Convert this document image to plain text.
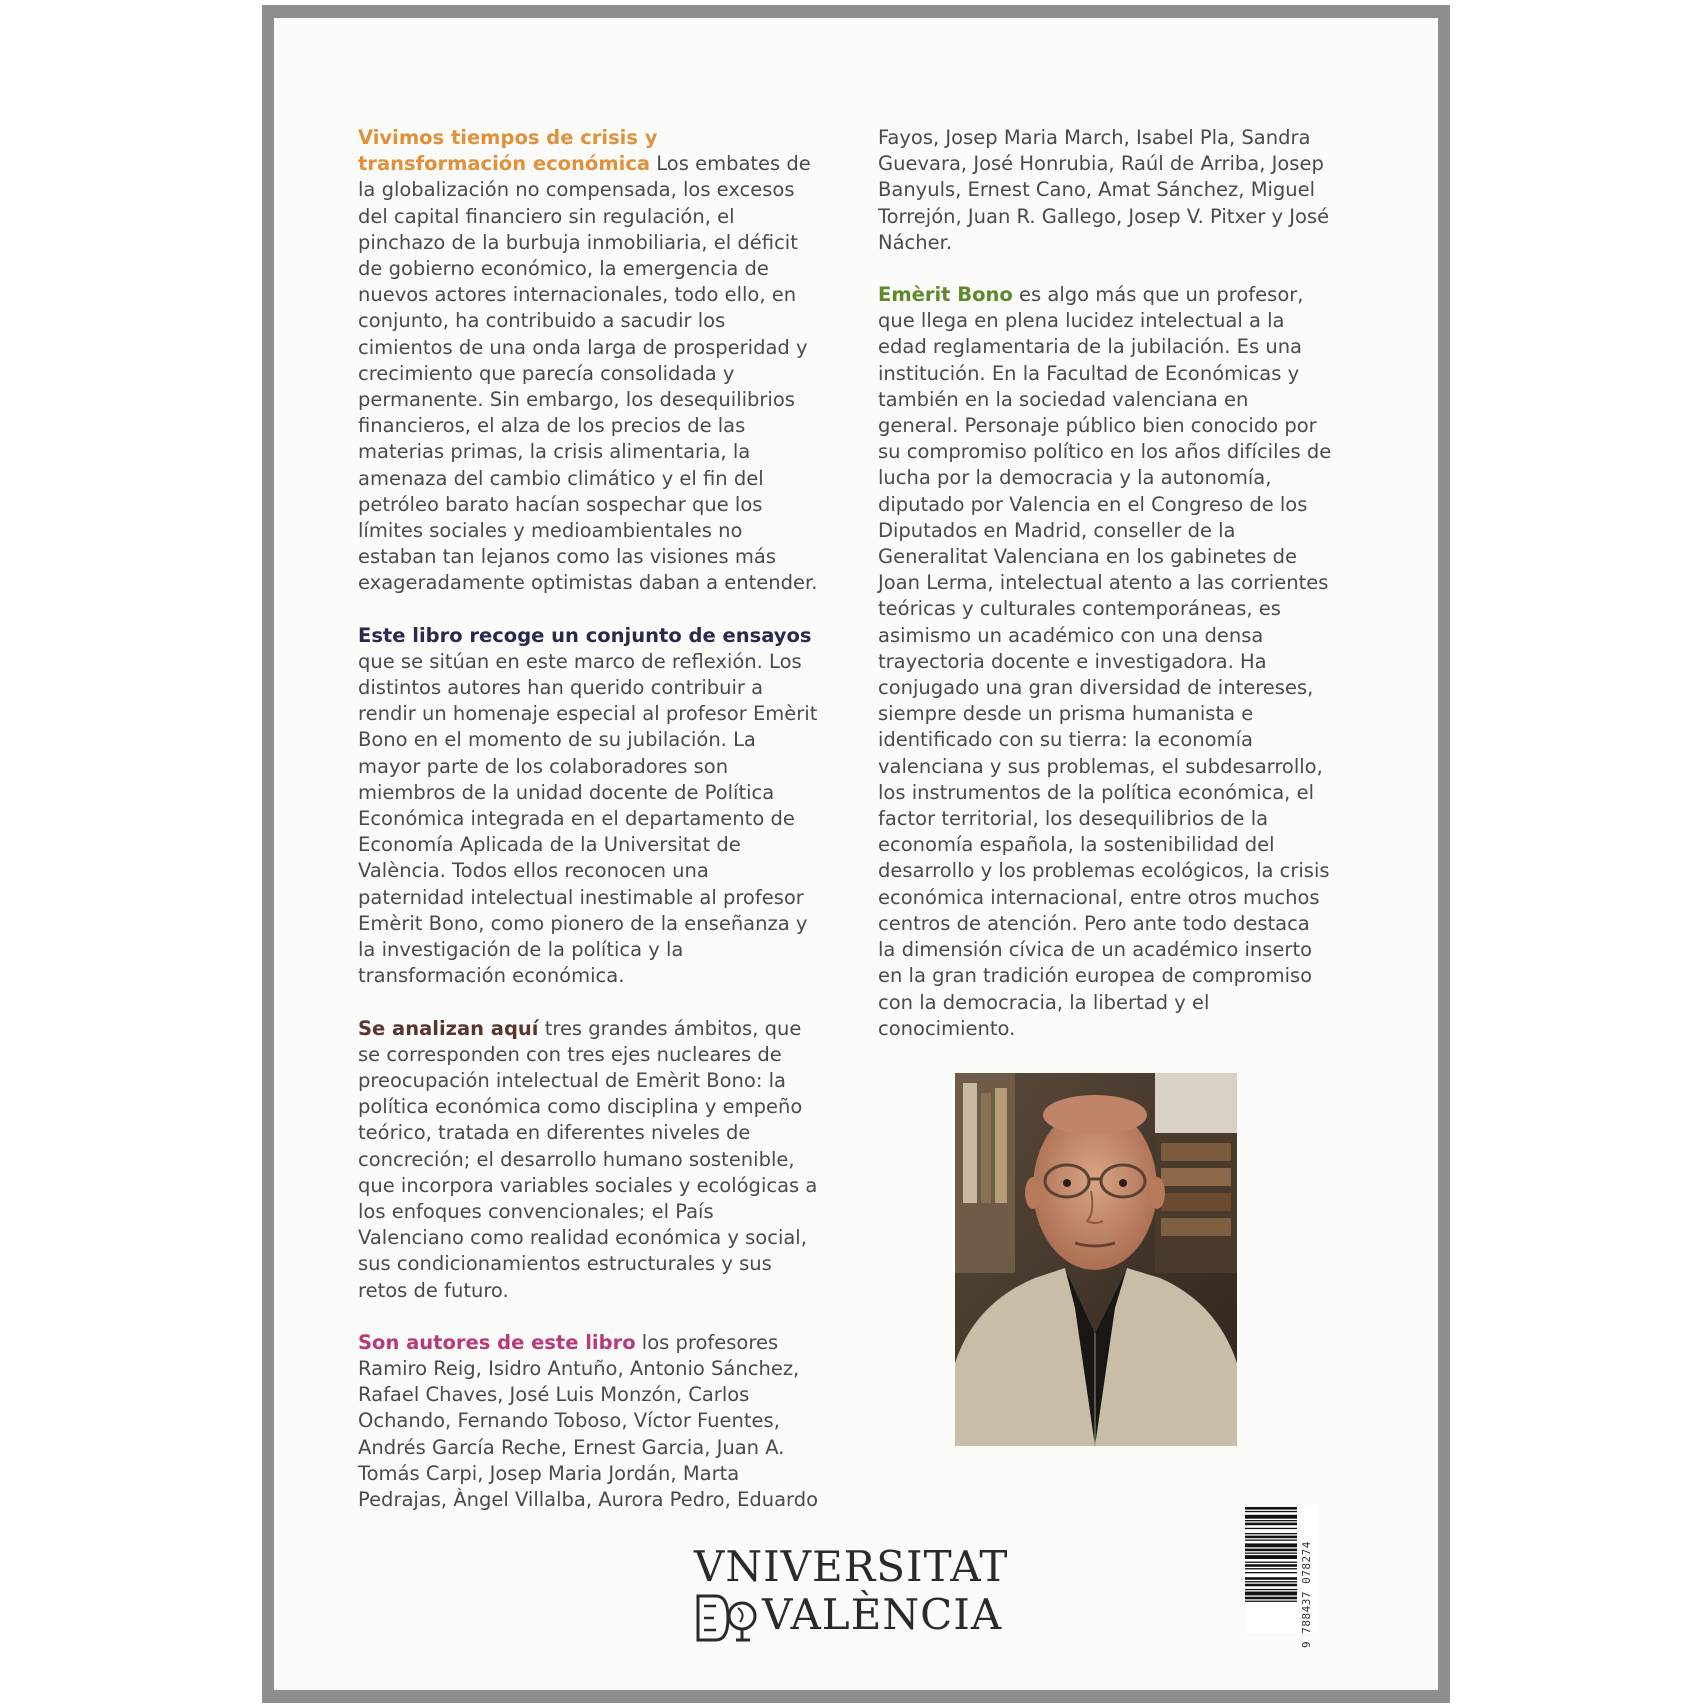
Vivimos tiempos de crisis y transformación económica Los embates de la globalización no compensada, los excesos del capital financiero sin regulación, el pinchazo de la burbuja inmobiliaria, el déficit de gobierno económico, la emergencia de nuevos actores internacionales, todo ello, en conjunto, ha contribuido a sacudir los cimientos de una onda larga de prosperidad y crecimiento que parecía consolidada y permanente. Sin embargo, los desequilibrios financieros, el alza de los precios de las materias primas, la crisis alimentaria, la amenaza del cambio climático y el fin del petróleo barato hacían sospechar que los límites sociales y medioambientales no estaban tan lejanos como las visiones más exageradamente optimistas daban a entender.

Este libro recoge un conjunto de ensayos que se sitúan en este marco de reflexión. Los distintos autores han querido contribuir a rendir un homenaje especial al profesor Emèrit Bono en el momento de su jubilación. La mayor parte de los colaboradores son miembros de la unidad docente de Política Económica integrada en el departamento de Economía Aplicada de la Universitat de València. Todos ellos reconocen una paternidad intelectual inestimable al profesor Emèrit Bono, como pionero de la enseñanza y la investigación de la política y la transformación económica.

Se analizan aquí tres grandes ámbitos, que se corresponden con tres ejes nucleares de preocupación intelectual de Emèrit Bono: la política económica como disciplina y empeño teórico, tratada en diferentes niveles de concreción; el desarrollo humano sostenible, que incorpora variables sociales y ecológicas a los enfoques convencionales; el País Valenciano como realidad económica y social, sus condicionamientos estructurales y sus retos de futuro.

Son autores de este libro los profesores Ramiro Reig, Isidro Antuño, Antonio Sánchez, Rafael Chaves, José Luis Monzón, Carlos Ochando, Fernando Toboso, Víctor Fuentes, Andrés García Reche, Ernest Garcia, Juan A. Tomás Carpi, Josep Maria Jordán, Marta Pedrajas, Àngel Villalba, Aurora Pedro, Eduardo

Fayos, Josep Maria March, Isabel Pla, Sandra Guevara, José Honrubia, Raúl de Arriba, Josep Banyuls, Ernest Cano, Amat Sánchez, Miguel Torrejón, Juan R. Gallego, Josep V. Pitxer y José Nácher.

Emèrit Bono es algo más que un profesor, que llega en plena lucidez intelectual a la edad reglamentaria de la jubilación. Es una institución. En la Facultad de Económicas y también en la sociedad valenciana en general. Personaje público bien conocido por su compromiso político en los años difíciles de lucha por la democracia y la autonomía, diputado por Valencia en el Congreso de los Diputados en Madrid, conseller de la Generalitat Valenciana en los gabinetes de Joan Lerma, intelectual atento a las corrientes teóricas y culturales contemporáneas, es asimismo un académico con una densa trayectoria docente e investigadora. Ha conjugado una gran diversidad de intereses, siempre desde un prisma humanista e identificado con su tierra: la economía valenciana y sus problemas, el subdesarrollo, los instrumentos de la política económica, el factor territorial, los desequilibrios de la economía española, la sostenibilidad del desarrollo y los problemas ecológicos, la crisis económica internacional, entre otros muchos centros de atención. Pero ante todo destaca la dimensión cívica de un académico inserto en la gran tradición europea de compromiso con la democracia, la libertad y el conocimiento.

VNIVERSITAT
VALÈNCIA	9 788437 078274
